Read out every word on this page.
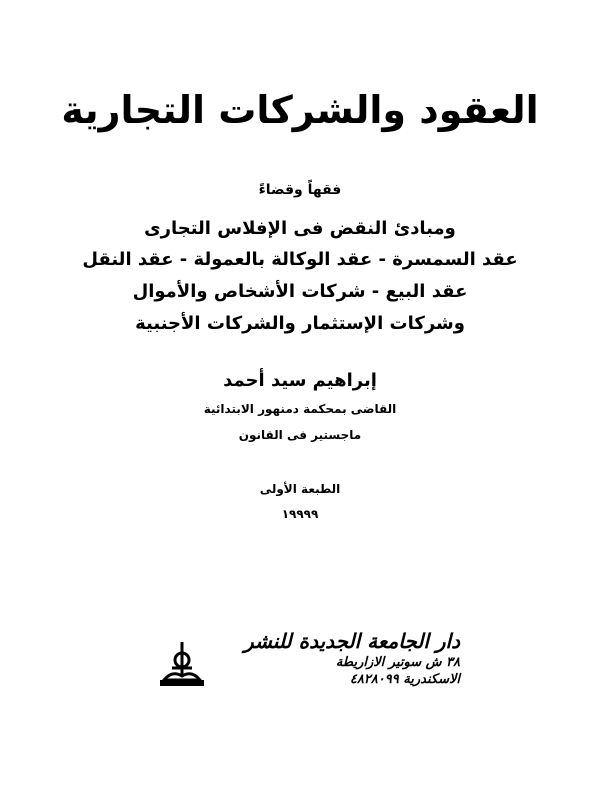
العقود والشركات التجارية
فقهاً وقضاءً
ومبادئ النقض فى الإفلاس التجارى
عقد السمسرة - عقد الوكالة بالعمولة - عقد النقل
عقد البيع - شركات الأشخاص والأموال
وشركات الإستثمار والشركات الأجنبية
إبراهيم سيد أحمد
القاضى بمحكمة دمنهور الابتدائية
ماجستير فى القانون
الطبعة الأولى
١٩٩٩٩
دار الجامعة الجديدة للنشر
٣٨ ش سوتير الازاريطة
الاسكندرية ٤٨٢٨٠٩٩
